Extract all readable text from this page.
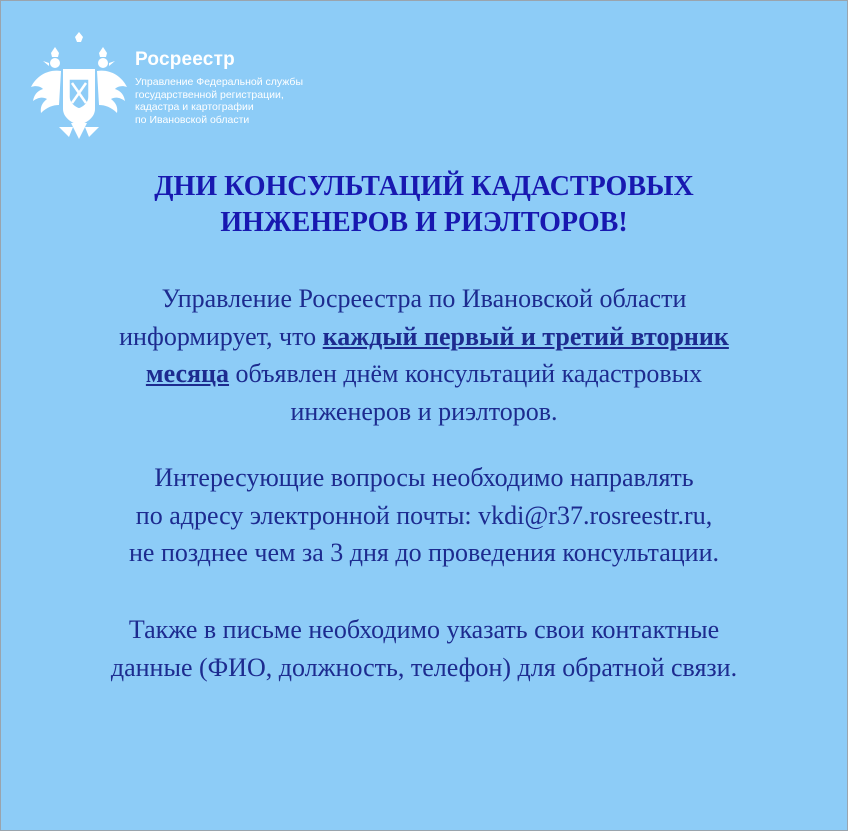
Росреестр
Управление Федеральной службы
государственной регистрации,
кадастра и картографии
по Ивановской области
ДНИ КОНСУЛЬТАЦИЙ КАДАСТРОВЫХ
ИНЖЕНЕРОВ И РИЭЛТОРОВ!

Управление Росреестра по Ивановской области
информирует, что каждый первый и третий вторник
месяца объявлен днём консультаций кадастровых
инженеров и риэлторов.

Интересующие вопросы необходимо направлять
по адресу электронной почты: vkdi@r37.rosreestr.ru,
не позднее чем за 3 дня до проведения консультации.

Также в письме необходимо указать свои контактные
данные (ФИО, должность, телефон) для обратной связи.
